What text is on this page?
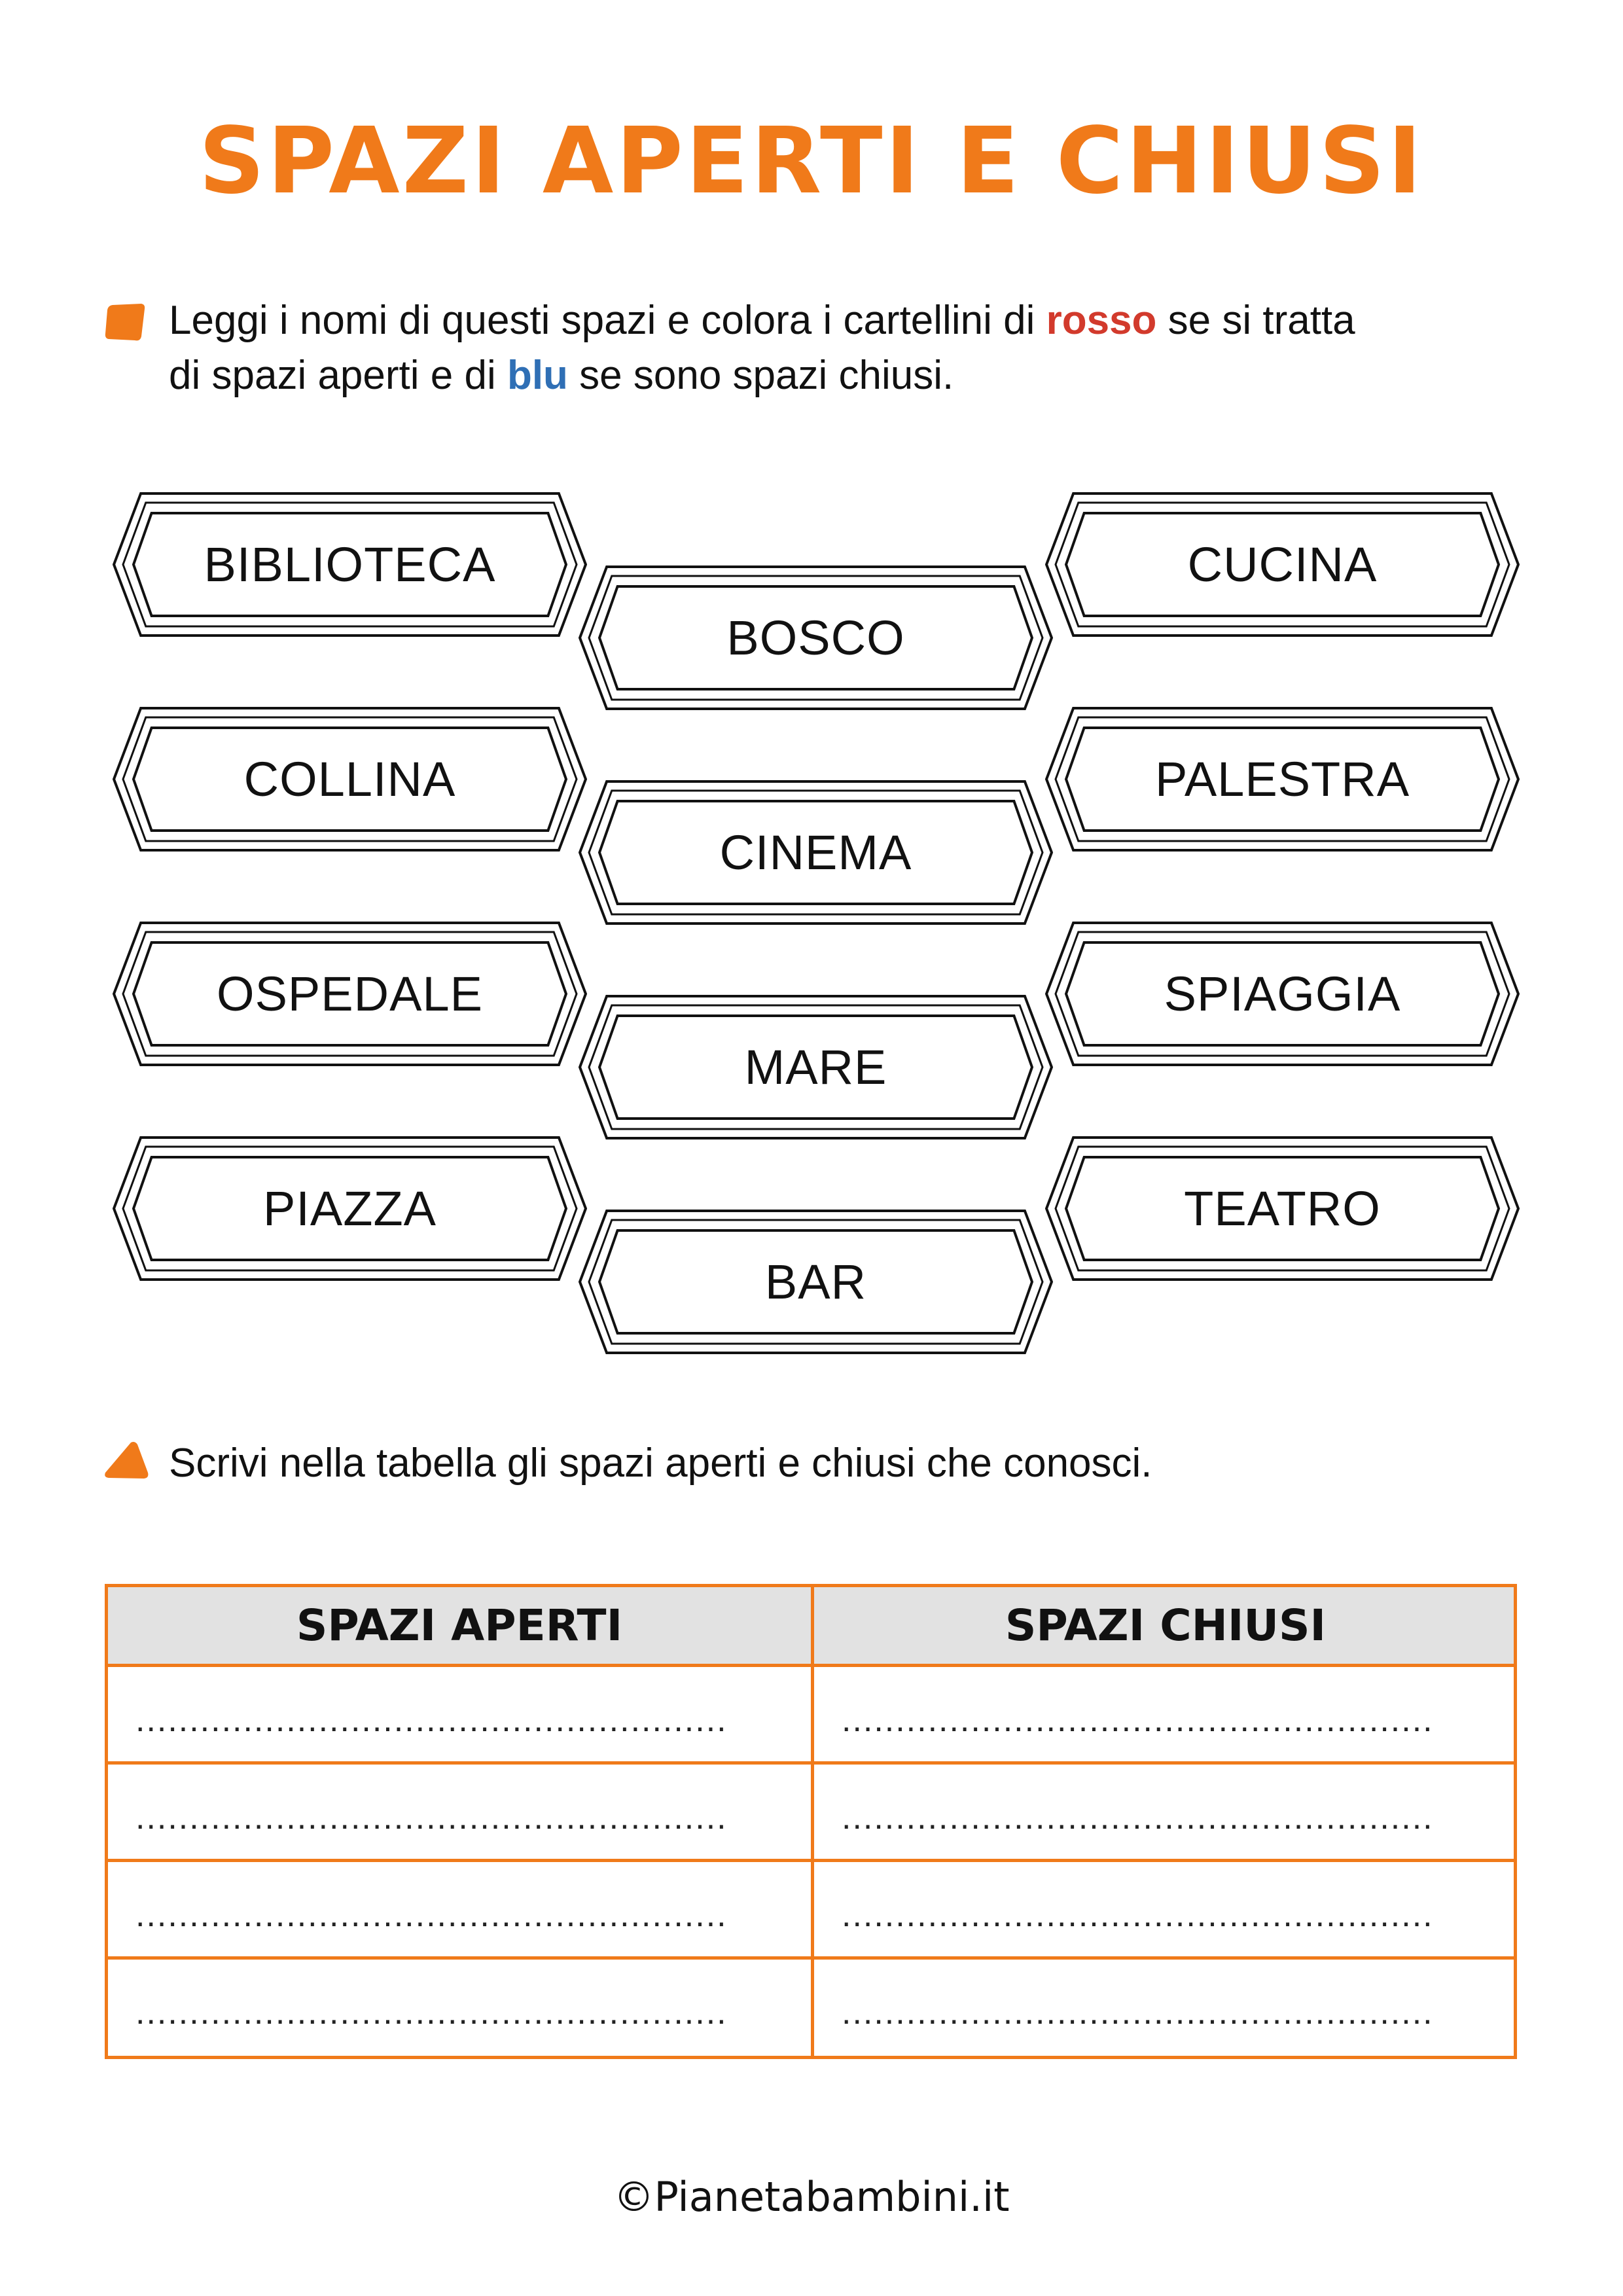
SPAZI APERTI E CHIUSI
Leggi i nomi di questi spazi e colora i cartellini di rosso se si tratta
di spazi aperti e di blu se sono spazi chiusi.
BIBLIOTECA
COLLINA
OSPEDALE
PIAZZA
BOSCO
CINEMA
MARE
BAR
CUCINA
PALESTRA
SPIAGGIA
TEATRO
Scrivi nella tabella gli spazi aperti e chiusi che conosci.
SPAZI APERTI	SPAZI CHIUSI
.......................................................	.......................................................
.......................................................	.......................................................
.......................................................	.......................................................
.......................................................	.......................................................
©Pianetabambini.it
